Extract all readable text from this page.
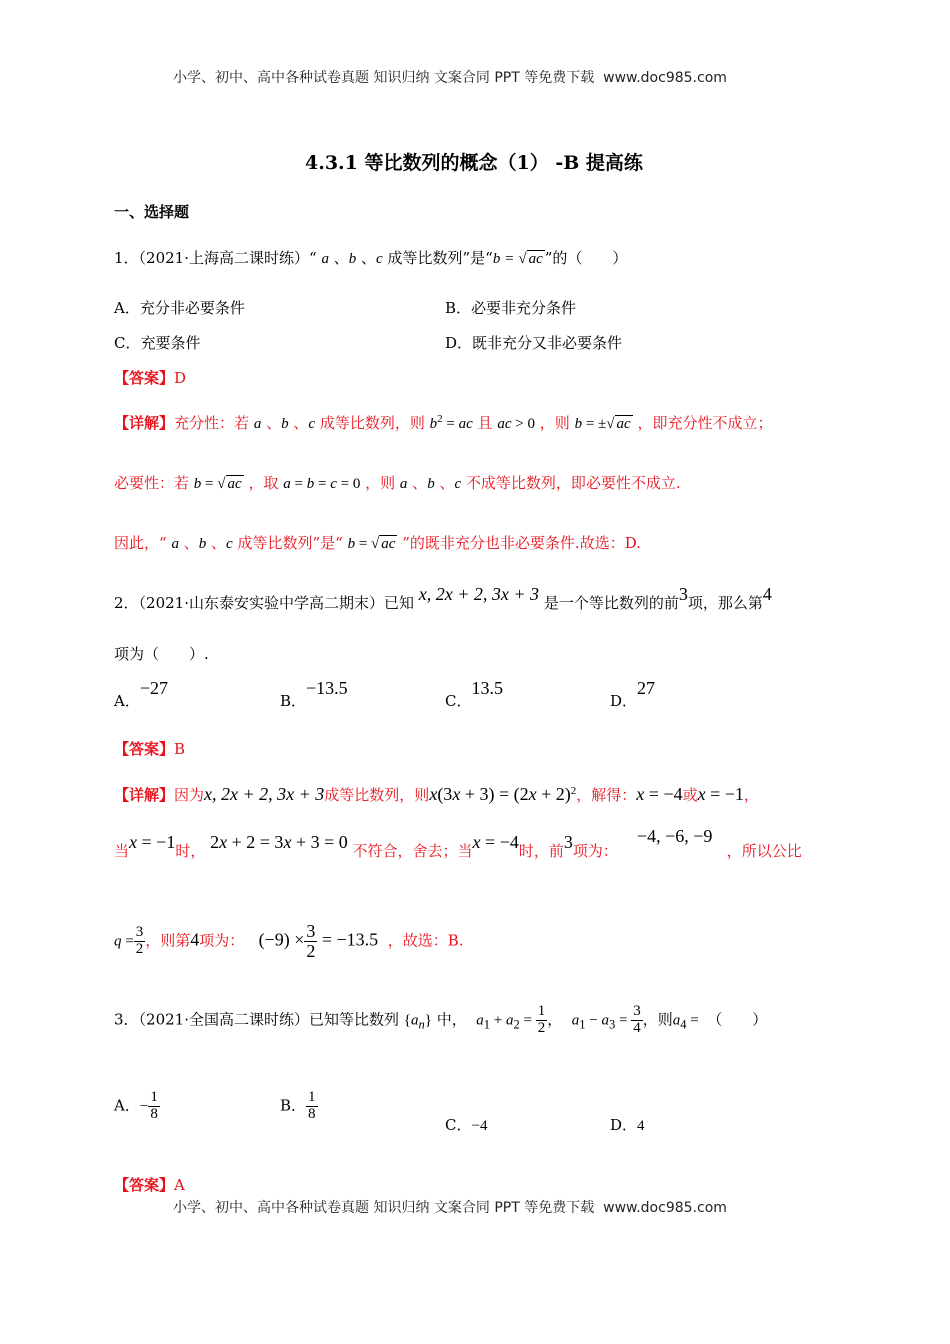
小学、初中、高中各种试卷真题 知识归纳 文案合同 PPT 等免费下载 www.doc985.com
4.3.1 等比数列的概念（1） -B 提高练
一、选择题
1．（2021·上海高二课时练）“ a 、b 、c 成等比数列”是“b = √ ac ”的（　　）
A．充分非必要条件	B．必要非充分条件
C．充要条件	D．既非充分又非必要条件
【答案】D
【详解】充分性：若 a 、b 、c 成等比数列，则 $b^2$ = ac 且 ac > 0 ，则 b = ±√ ac ，即充分性不成立；
必要性：若 b = √ ac ，取 a = b = c = 0 ，则 a 、b 、c 不成等比数列，即必要性不成立.
因此，“ a 、b 、c 成等比数列”是“ b = √ ac ”的既非充分也非必要条件.故选：D.
2．（2021·山东泰安实验中学高二期末）已知 x, 2x + 2, 3x + 3 是一个等比数列的前3项，那么第4
项为（　　）.
A．−27
B．−13.5
C．13.5
D．27
【答案】B
【详解】因为x, 2x + 2, 3x + 3成等比数列，则$x(3x + 3) = (2x + 2)^2$，解得：x = −4或x = −1，
当x = −1时， 2x + 2 = 3x + 3 = 0 不符合，舍去；当x = −4时，前3项为：    −4, −6, −9   ，所以公比
$q = \frac{3}{2}$ ，则第4项为： $(-9) \times \frac{3}{2} = -13.5$ ，故选：B.
3．（2021·全国高二课时练）已知等比数列 $\{a_n\}$ 中， $a_1 + a_2 = \frac{1}{2}$ ， $a_1 - a_3 = \frac{3}{4}$ ，则$a_4$ =  （　　）
A．− $\frac{1}{8}$	B． $\frac{1}{8}$
C．−4	D．4
【答案】A
小学、初中、高中各种试卷真题 知识归纳 文案合同 PPT 等免费下载 www.doc985.com
